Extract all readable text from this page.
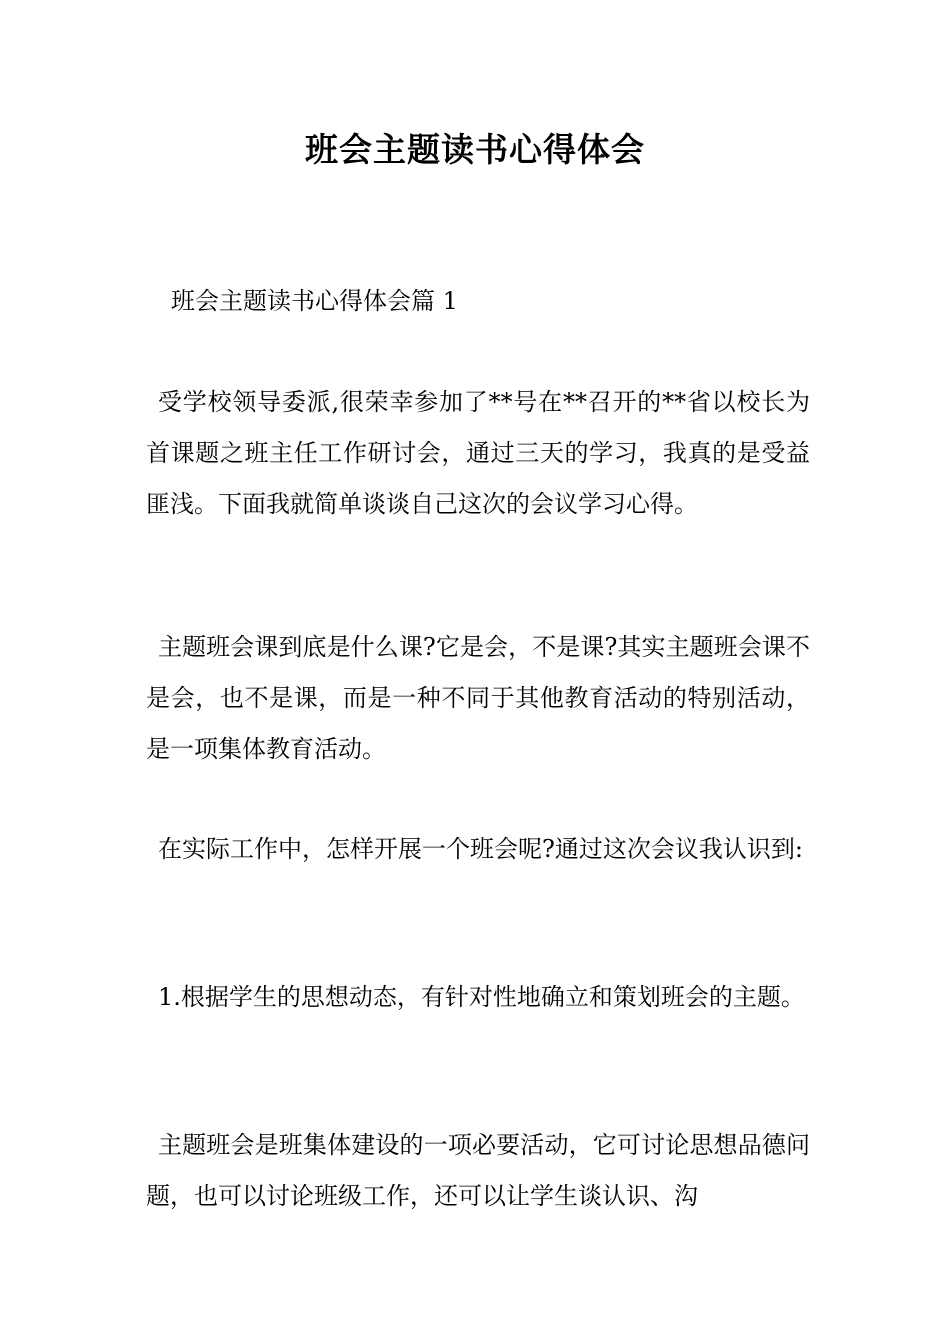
班会主题读书心得体会
班会主题读书心得体会篇 1

受学校领导委派,很荣幸参加了**号在**召开的**省以校长为首课题之班主任工作研讨会，通过三天的学习，我真的是受益匪浅。下面我就简单谈谈自己这次的会议学习心得。

主题班会课到底是什么课?它是会，不是课?其实主题班会课不是会，也不是课，而是一种不同于其他教育活动的特别活动，是一项集体教育活动。

在实际工作中，怎样开展一个班会呢?通过这次会议我认识到:

1.根据学生的思想动态，有针对性地确立和策划班会的主题。

主题班会是班集体建设的一项必要活动，它可讨论思想品德问题，也可以讨论班级工作，还可以让学生谈认识、沟
